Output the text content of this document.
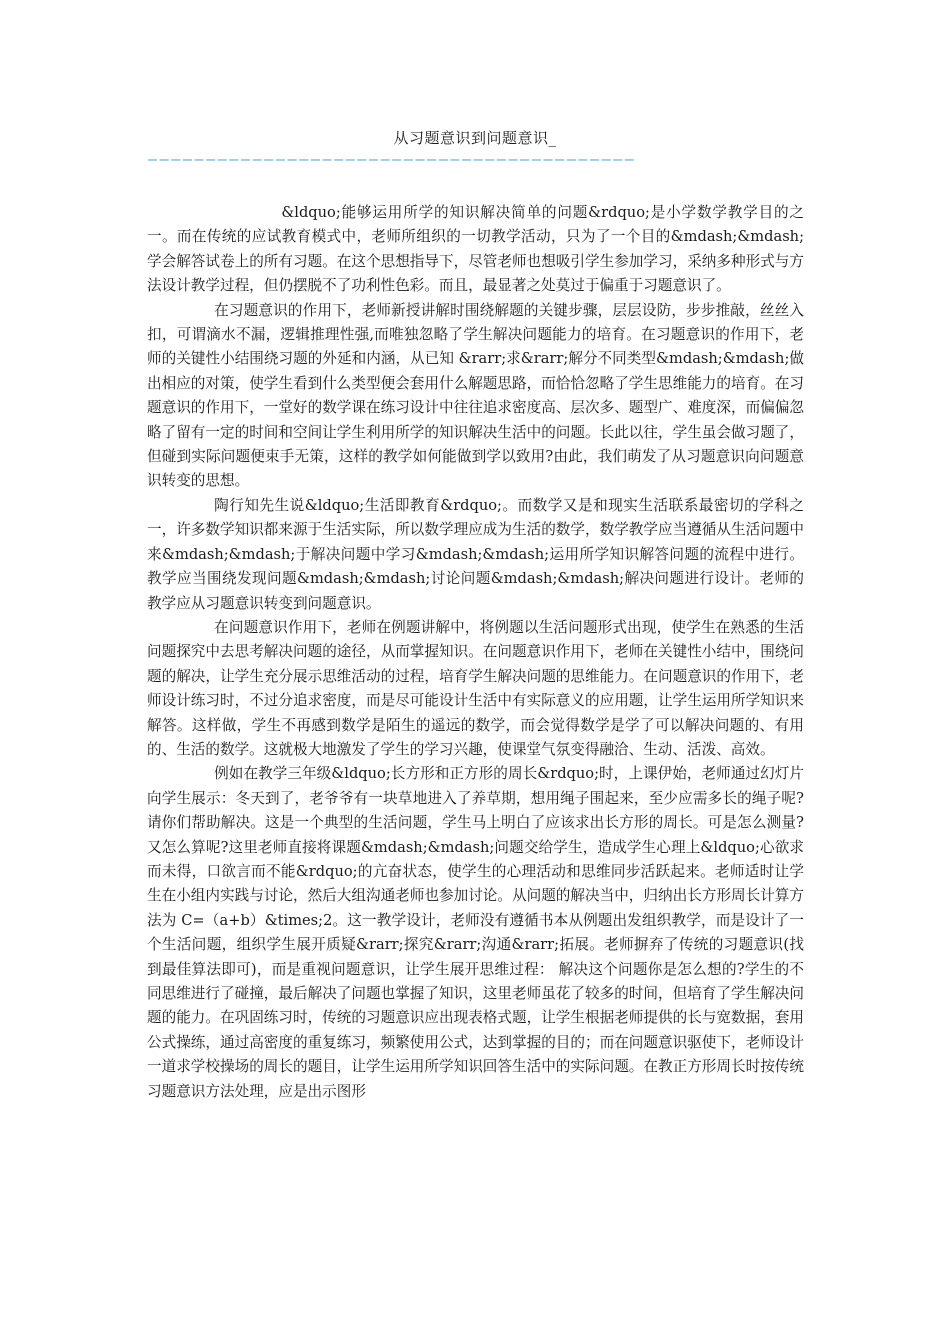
从习题意识到问题意识_
——————————————————————————————————————————

&ldquo;能够运用所学的知识解决简单的问题&rdquo;是小学数学教学目的之一。而在传统的应试教育模式中，老师所组织的一切教学活动，只为了一个目的&mdash;&mdash;学会解答试卷上的所有习题。在这个思想指导下，尽管老师也想吸引学生参加学习，采纳多种形式与方法设计教学过程，但仍摆脱不了功利性色彩。而且，最显著之处莫过于偏重于习题意识了。

在习题意识的作用下，老师新授讲解时围绕解题的关键步骤，层层设防，步步推敲，丝丝入扣，可谓滴水不漏，逻辑推理性强,而唯独忽略了学生解决问题能力的培育。在习题意识的作用下，老师的关键性小结围绕习题的外延和内涵，从已知 &rarr;求&rarr;解分不同类型&mdash;&mdash;做出相应的对策，使学生看到什么类型便会套用什么解题思路，而恰恰忽略了学生思维能力的培育。在习题意识的作用下，一堂好的数学课在练习设计中往往追求密度高、层次多、题型广、难度深，而偏偏忽略了留有一定的时间和空间让学生利用所学的知识解决生活中的问题。长此以往，学生虽会做习题了，但碰到实际问题便束手无策，这样的教学如何能做到学以致用?由此，我们萌发了从习题意识向问题意识转变的思想。

陶行知先生说&ldquo;生活即教育&rdquo;。而数学又是和现实生活联系最密切的学科之一，许多数学知识都来源于生活实际，所以数学理应成为生活的数学，数学教学应当遵循从生活问题中来&mdash;&mdash;于解决问题中学习&mdash;&mdash;运用所学知识解答问题的流程中进行。教学应当围绕发现问题&mdash;&mdash;讨论问题&mdash;&mdash;解决问题进行设计。老师的教学应从习题意识转变到问题意识。

在问题意识作用下，老师在例题讲解中，将例题以生活问题形式出现，使学生在熟悉的生活问题探究中去思考解决问题的途径，从而掌握知识。在问题意识作用下，老师在关键性小结中，围绕问题的解决，让学生充分展示思维活动的过程，培育学生解决问题的思维能力。在问题意识的作用下，老师设计练习时，不过分追求密度，而是尽可能设计生活中有实际意义的应用题，让学生运用所学知识来解答。这样做，学生不再感到数学是陌生的遥远的数学，而会觉得数学是学了可以解决问题的、有用的、生活的数学。这就极大地激发了学生的学习兴趣，使课堂气氛变得融洽、生动、活泼、高效。

例如在教学三年级&ldquo;长方形和正方形的周长&rdquo;时，上课伊始，老师通过幻灯片向学生展示：冬天到了，老爷爷有一块草地进入了养草期，想用绳子围起来，至少应需多长的绳子呢?请你们帮助解决。这是一个典型的生活问题，学生马上明白了应该求出长方形的周长。可是怎么测量?又怎么算呢?这里老师直接将课题&mdash;&mdash;问题交给学生，造成学生心理上&ldquo;心欲求而未得，口欲言而不能&rdquo;的亢奋状态，使学生的心理活动和思维同步活跃起来。老师适时让学生在小组内实践与讨论，然后大组沟通老师也参加讨论。从问题的解决当中，归纳出长方形周长计算方法为 C=（a+b）&times;2。这一教学设计，老师没有遵循书本从例题出发组织教学，而是设计了一个生活问题，组织学生展开质疑&rarr;探究&rarr;沟通&rarr;拓展。老师摒弃了传统的习题意识(找到最佳算法即可)，而是重视问题意识，让学生展开思维过程： 解决这个问题你是怎么想的?学生的不同思维进行了碰撞，最后解决了问题也掌握了知识，这里老师虽花了较多的时间，但培育了学生解决问题的能力。在巩固练习时，传统的习题意识应出现表格式题，让学生根据老师提供的长与宽数据，套用公式操练，通过高密度的重复练习，频繁使用公式，达到掌握的目的；而在问题意识驱使下，老师设计一道求学校操场的周长的题目，让学生运用所学知识回答生活中的实际问题。在教正方形周长时按传统习题意识方法处理，应是出示图形
